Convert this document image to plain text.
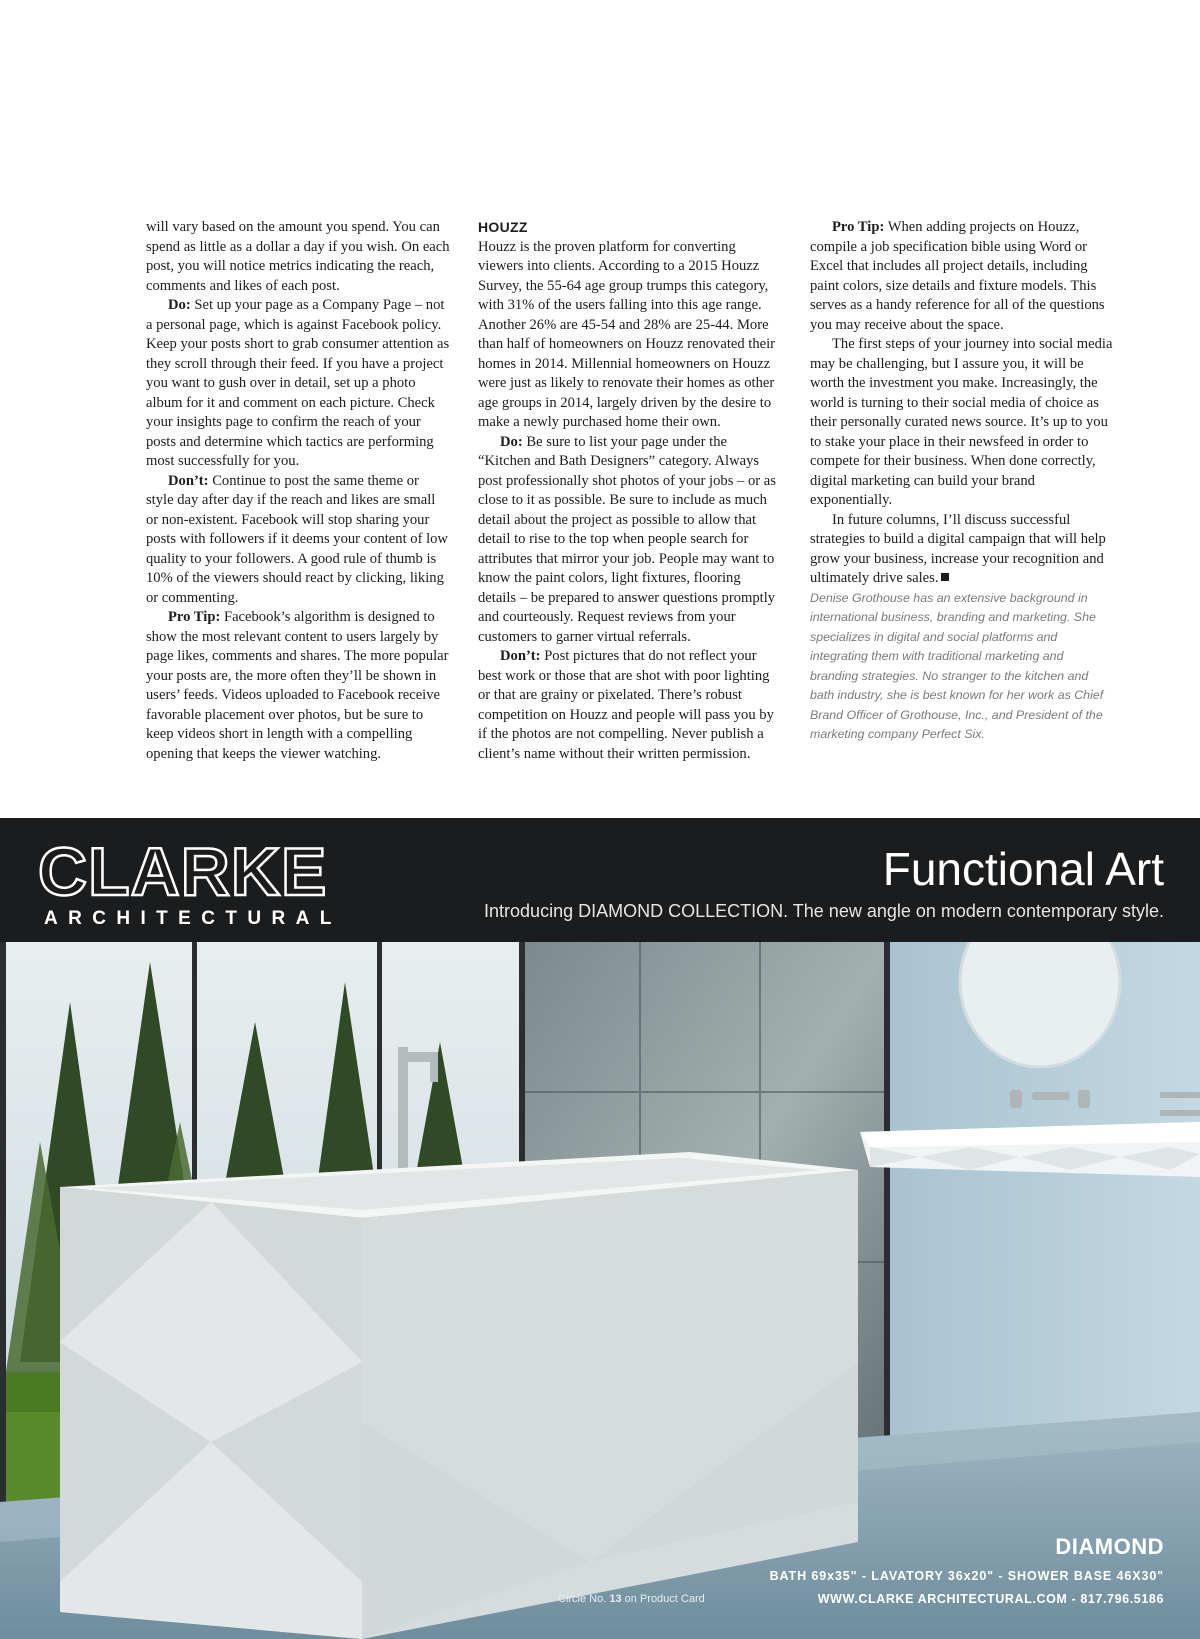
will vary based on the amount you spend. You can spend as little as a dollar a day if you wish. On each post, you will notice metrics indicating the reach, comments and likes of each post.

Do: Set up your page as a Company Page – not a personal page, which is against Facebook policy. Keep your posts short to grab consumer attention as they scroll through their feed. If you have a project you want to gush over in detail, set up a photo album for it and comment on each picture. Check your insights page to confirm the reach of your posts and determine which tactics are performing most successfully for you.

Don’t: Continue to post the same theme or style day after day if the reach and likes are small or non-existent. Facebook will stop sharing your posts with followers if it deems your content of low quality to your followers. A good rule of thumb is 10% of the viewers should react by clicking, liking or commenting.

Pro Tip: Facebook’s algorithm is designed to show the most relevant content to users largely by page likes, comments and shares. The more popular your posts are, the more often they’ll be shown in users’ feeds. Videos uploaded to Facebook receive favorable placement over photos, but be sure to keep videos short in length with a compelling opening that keeps the viewer watching.

HOUZZ

Houzz is the proven platform for converting viewers into clients. According to a 2015 Houzz Survey, the 55-64 age group trumps this category, with 31% of the users falling into this age range. Another 26% are 45-54 and 28% are 25-44. More than half of homeowners on Houzz renovated their homes in 2014. Millennial homeowners on Houzz were just as likely to renovate their homes as other age groups in 2014, largely driven by the desire to make a newly purchased home their own.

Do: Be sure to list your page under the “Kitchen and Bath Designers” category. Always post professionally shot photos of your jobs – or as close to it as possible. Be sure to include as much detail about the project as possible to allow that detail to rise to the top when people search for attributes that mirror your job. People may want to know the paint colors, light fixtures, flooring details – be prepared to answer questions promptly and courteously. Request reviews from your customers to garner virtual referrals.

Don’t: Post pictures that do not reflect your best work or those that are shot with poor lighting or that are grainy or pixelated. There’s robust competition on Houzz and people will pass you by if the photos are not compelling. Never publish a client’s name without their written permission.

Pro Tip: When adding projects on Houzz, compile a job specification bible using Word or Excel that includes all project details, including paint colors, size details and fixture models. This serves as a handy reference for all of the questions you may receive about the space.

The first steps of your journey into social media may be challenging, but I assure you, it will be worth the investment you make. Increasingly, the world is turning to their social media of choice as their personally curated news source. It’s up to you to stake your place in their newsfeed in order to compete for their business. When done correctly, digital marketing can build your brand exponentially.

In future columns, I’ll discuss successful strategies to build a digital campaign that will help grow your business, increase your recognition and ultimately drive sales.

Denise Grothouse has an extensive background in international business, branding and marketing. She specializes in digital and social platforms and integrating them with traditional marketing and branding strategies. No stranger to the kitchen and bath industry, she is best known for her work as Chief Brand Officer of Grothouse, Inc., and President of the marketing company Perfect Six.

CLARKE
ARCHITECTURAL
Functional Art
Introducing DIAMOND COLLECTION. The new angle on modern contemporary style.
DIAMOND
BATH 69x35" - LAVATORY 36x20" - SHOWER BASE 46X30"
WWW.CLARKE ARCHITECTURAL.COM - 817.796.5186
Circle No. 13 on Product Card
